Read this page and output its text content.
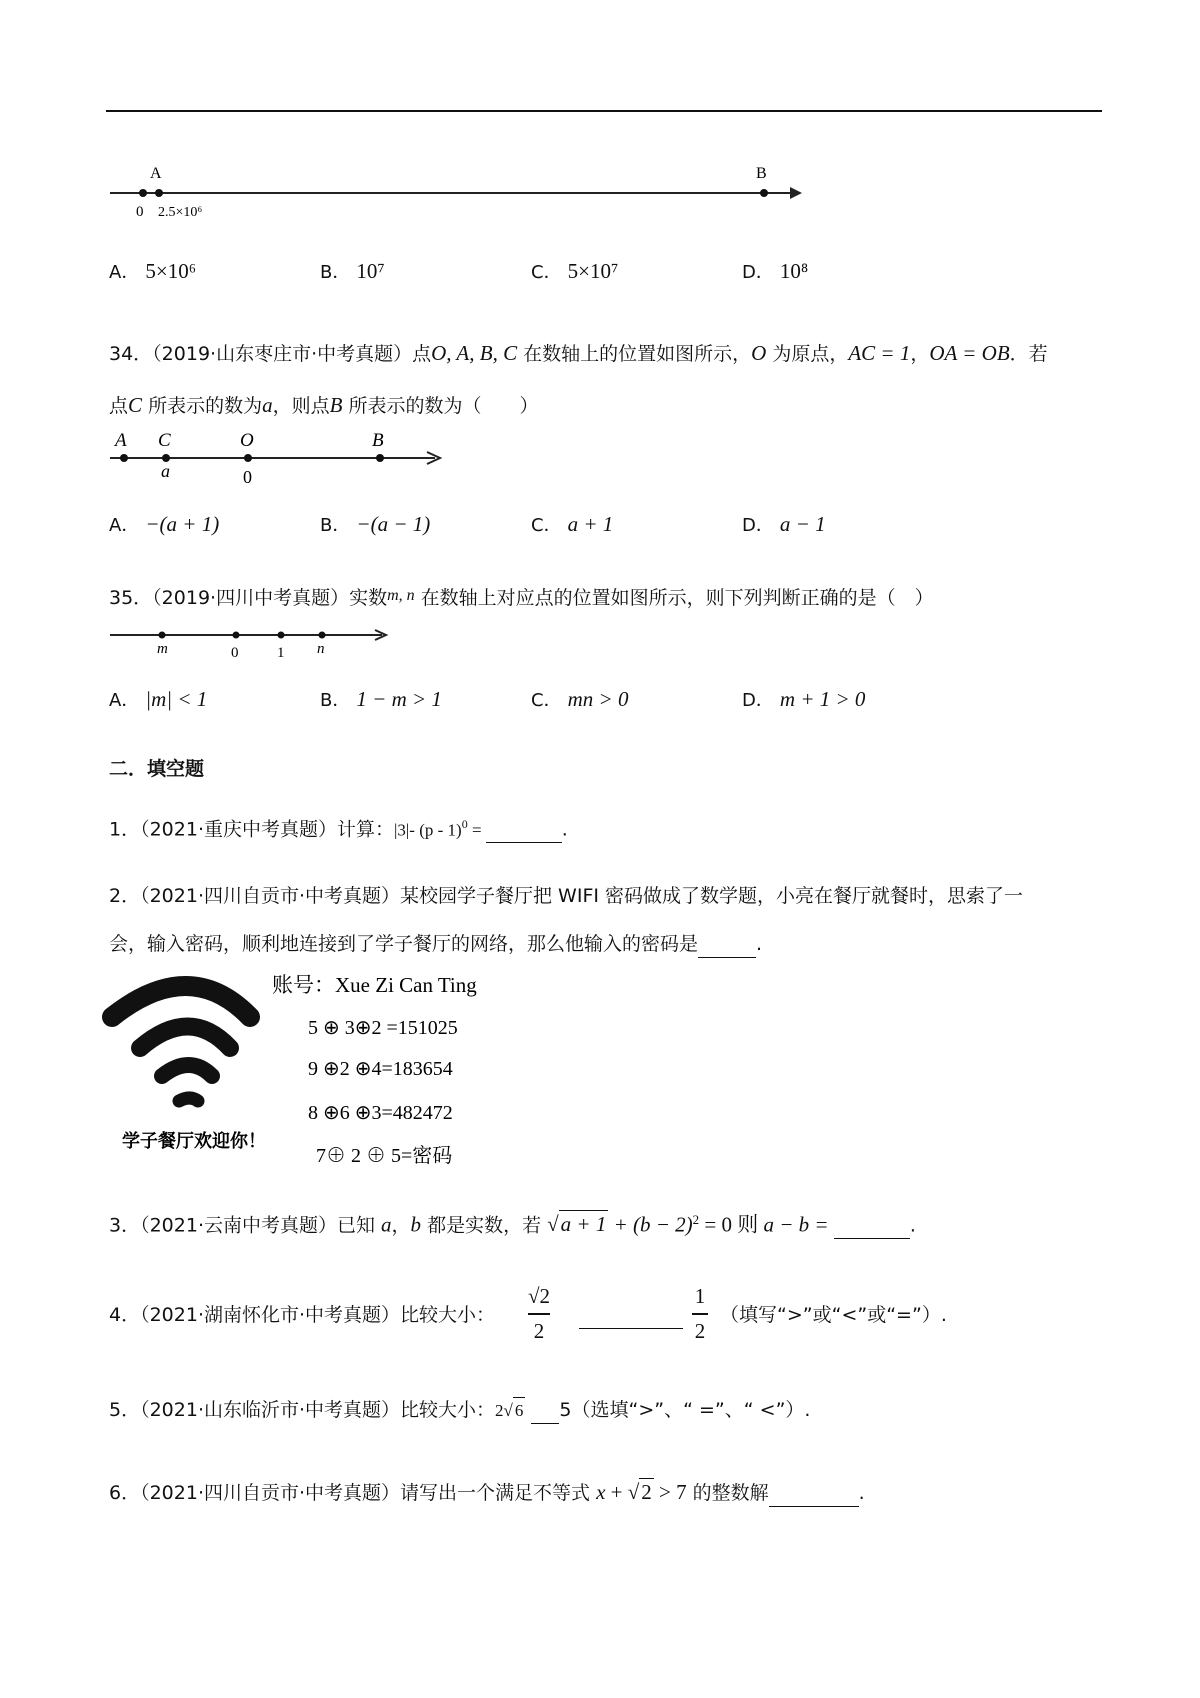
A	B
0 2.5×10⁶
A． 5×10⁶	B． 10⁷	C． 5×10⁷	D． 10⁸
34．（2019·山东枣庄市·中考真题）点O, A, B, C 在数轴上的位置如图所示，O 为原点，AC = 1，OA = OB．若
点C 所表示的数为a，则点B 所表示的数为（　　）
A C	O	B
a	0
A． −(a + 1)	B． −(a − 1)	C． a + 1	D． a − 1
35．（2019·四川中考真题）实数$^{m, n}$ 在数轴上对应点的位置如图所示，则下列判断正确的是（　）
m	0	1 n
A． |m| < 1	B． 1 − m > 1	C． mn > 0	D． m + 1 > 0
二．填空题
1．（2021·重庆中考真题）计算：|3|- (p - 1)$^0$ =	.
2．（2021·四川自贡市·中考真题）某校园学子餐厅把 WIFI 密码做成了数学题，小亮在餐厅就餐时，思索了一
会，输入密码，顺利地连接到了学子餐厅的网络，那么他输入的密码是	.
账号：Xue Zi Can Ting
5 ⊕ 3⊕2 =151025
9 ⊕2 ⊕4=183654
8 ⊕6 ⊕3=482472
7⊕ 2 ⊕ 5=密码
学子餐厅欢迎你！
3．（2021·云南中考真题）已知 a，b 都是实数，若 $√a + 1 + (b - 2)^2 = 0$ 则 a − b =	.
4．（2021·湖南怀化市·中考真题）比较大小：
√2
2
1
2
（填写“>”或“<”或“=”）.
5．（2021·山东临沂市·中考真题）比较大小：2√ 6 5（选填“>”、“ =”、“ <”）.
6．（2021·四川自贡市·中考真题）请写出一个满足不等式 x + √2 > 7 的整数解	.
